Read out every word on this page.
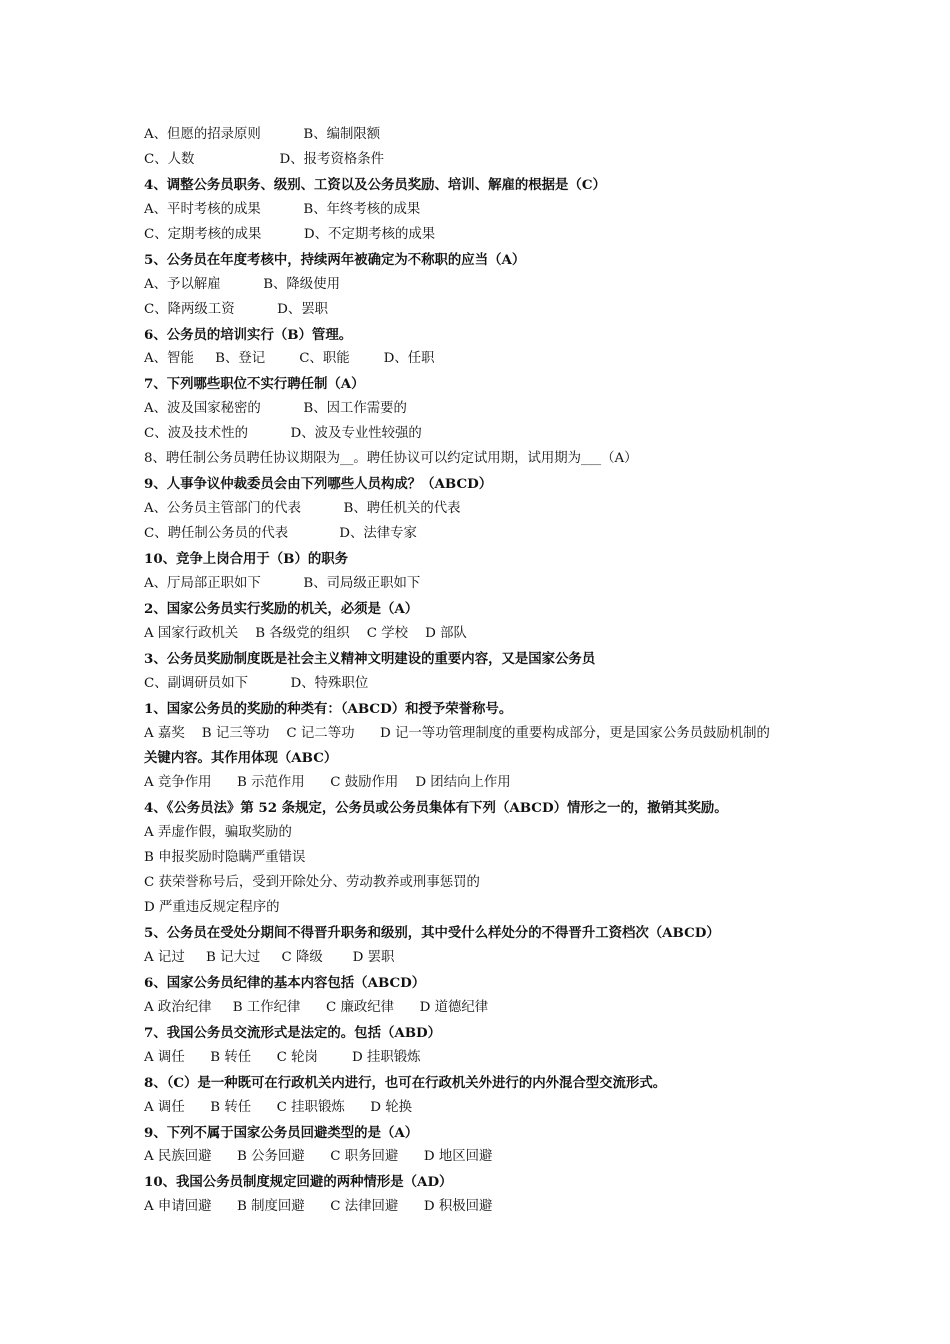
A、但愿的招录原则          B、编制限额
C、人数                    D、报考资格条件
4、调整公务员职务、级别、工资以及公务员奖励、培训、解雇的根据是（C）
A、平时考核的成果          B、年终考核的成果
C、定期考核的成果          D、不定期考核的成果
5、公务员在年度考核中，持续两年被确定为不称职的应当（A）
A、予以解雇          B、降级使用
C、降两级工资          D、罢职
6、公务员的培训实行（B）管理。
A、智能     B、登记        C、职能        D、任职
7、下列哪些职位不实行聘任制（A）
A、波及国家秘密的          B、因工作需要的
C、波及技术性的          D、波及专业性较强的
8、聘任制公务员聘任协议期限为__。聘任协议可以约定试用期，试用期为___（A）
9、人事争议仲裁委员会由下列哪些人员构成？（ABCD）
A、公务员主管部门的代表          B、聘任机关的代表
C、聘任制公务员的代表            D、法律专家
10、竞争上岗合用于（B）的职务
A、厅局部正职如下          B、司局级正职如下
2、国家公务员实行奖励的机关，必须是（A）
A 国家行政机关    B 各级党的组织    C 学校    D 部队
3、公务员奖励制度既是社会主义精神文明建设的重要内容，又是国家公务员
C、副调研员如下          D、特殊职位
1、国家公务员的奖励的种类有：（ABCD）和授予荣誉称号。
A 嘉奖    B 记三等功    C 记二等功      D 记一等功管理制度的重要构成部分，更是国家公务员鼓励机制的
关键内容。其作用体现（ABC）
A 竞争作用      B 示范作用      C 鼓励作用    D 团结向上作用
4、《公务员法》第 52 条规定，公务员或公务员集体有下列（ABCD）情形之一的，撤销其奖励。
A 弄虚作假，骗取奖励的
B 申报奖励时隐瞒严重错误
C 获荣誉称号后，受到开除处分、劳动教养或刑事惩罚的
D 严重违反规定程序的
5、公务员在受处分期间不得晋升职务和级别，其中受什么样处分的不得晋升工资档次（ABCD）
A 记过     B 记大过     C 降级       D 罢职
6、国家公务员纪律的基本内容包括（ABCD）
A 政治纪律     B 工作纪律      C 廉政纪律      D 道德纪律
7、我国公务员交流形式是法定的。包括（ABD）
A 调任      B 转任      C 轮岗        D 挂职锻炼
8、（C）是一种既可在行政机关内进行，也可在行政机关外进行的内外混合型交流形式。
A 调任      B 转任      C 挂职锻炼      D 轮换
9、下列不属于国家公务员回避类型的是（A）
A 民族回避      B 公务回避      C 职务回避      D 地区回避
10、我国公务员制度规定回避的两种情形是（AD）
A 申请回避      B 制度回避      C 法律回避      D 积极回避
